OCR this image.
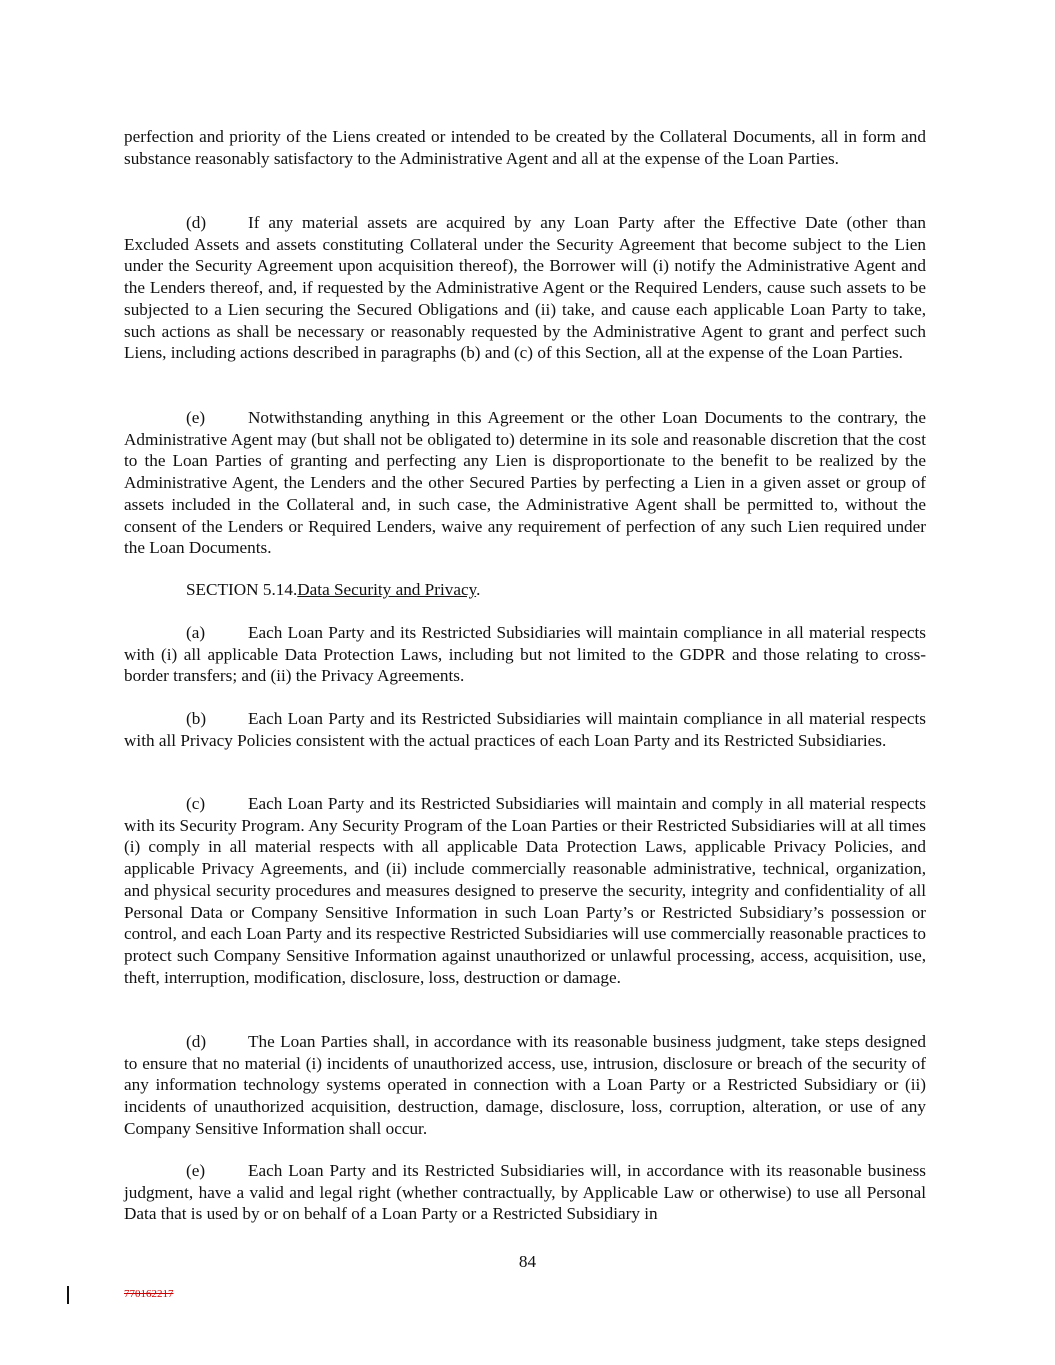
perfection and priority of the Liens created or intended to be created by the Collateral Documents, all in form and substance reasonably satisfactory to the Administrative Agent and all at the expense of the Loan Parties.

(d) If any material assets are acquired by any Loan Party after the Effective Date (other than Excluded Assets and assets constituting Collateral under the Security Agreement that become subject to the Lien under the Security Agreement upon acquisition thereof), the Borrower will (i) notify the Administrative Agent and the Lenders thereof, and, if requested by the Administrative Agent or the Required Lenders, cause such assets to be subjected to a Lien securing the Secured Obligations and (ii) take, and cause each applicable Loan Party to take, such actions as shall be necessary or reasonably requested by the Administrative Agent to grant and perfect such Liens, including actions described in paragraphs (b) and (c) of this Section, all at the expense of the Loan Parties.

(e) Notwithstanding anything in this Agreement or the other Loan Documents to the contrary, the Administrative Agent may (but shall not be obligated to) determine in its sole and reasonable discretion that the cost to the Loan Parties of granting and perfecting any Lien is disproportionate to the benefit to be realized by the Administrative Agent, the Lenders and the other Secured Parties by perfecting a Lien in a given asset or group of assets included in the Collateral and, in such case, the Administrative Agent shall be permitted to, without the consent of the Lenders or Required Lenders, waive any requirement of perfection of any such Lien required under the Loan Documents.

SECTION 5.14.Data Security and Privacy.

(a) Each Loan Party and its Restricted Subsidiaries will maintain compliance in all material respects with (i) all applicable Data Protection Laws, including but not limited to the GDPR and those relating to cross-border transfers; and (ii) the Privacy Agreements.

(b) Each Loan Party and its Restricted Subsidiaries will maintain compliance in all material respects with all Privacy Policies consistent with the actual practices of each Loan Party and its Restricted Subsidiaries.

(c) Each Loan Party and its Restricted Subsidiaries will maintain and comply in all material respects with its Security Program. Any Security Program of the Loan Parties or their Restricted Subsidiaries will at all times (i) comply in all material respects with all applicable Data Protection Laws, applicable Privacy Policies, and applicable Privacy Agreements, and (ii) include commercially reasonable administrative, technical, organization, and physical security procedures and measures designed to preserve the security, integrity and confidentiality of all Personal Data or Company Sensitive Information in such Loan Party’s or Restricted Subsidiary’s possession or control, and each Loan Party and its respective Restricted Subsidiaries will use commercially reasonable practices to protect such Company Sensitive Information against unauthorized or unlawful processing, access, acquisition, use, theft, interruption, modification, disclosure, loss, destruction or damage.

(d) The Loan Parties shall, in accordance with its reasonable business judgment, take steps designed to ensure that no material (i) incidents of unauthorized access, use, intrusion, disclosure or breach of the security of any information technology systems operated in connection with a Loan Party or a Restricted Subsidiary or (ii) incidents of unauthorized acquisition, destruction, damage, disclosure, loss, corruption, alteration, or use of any Company Sensitive Information shall occur.

(e) Each Loan Party and its Restricted Subsidiaries will, in accordance with its reasonable business judgment, have a valid and legal right (whether contractually, by Applicable Law or otherwise) to use all Personal Data that is used by or on behalf of a Loan Party or a Restricted Subsidiary in

84
770162217
